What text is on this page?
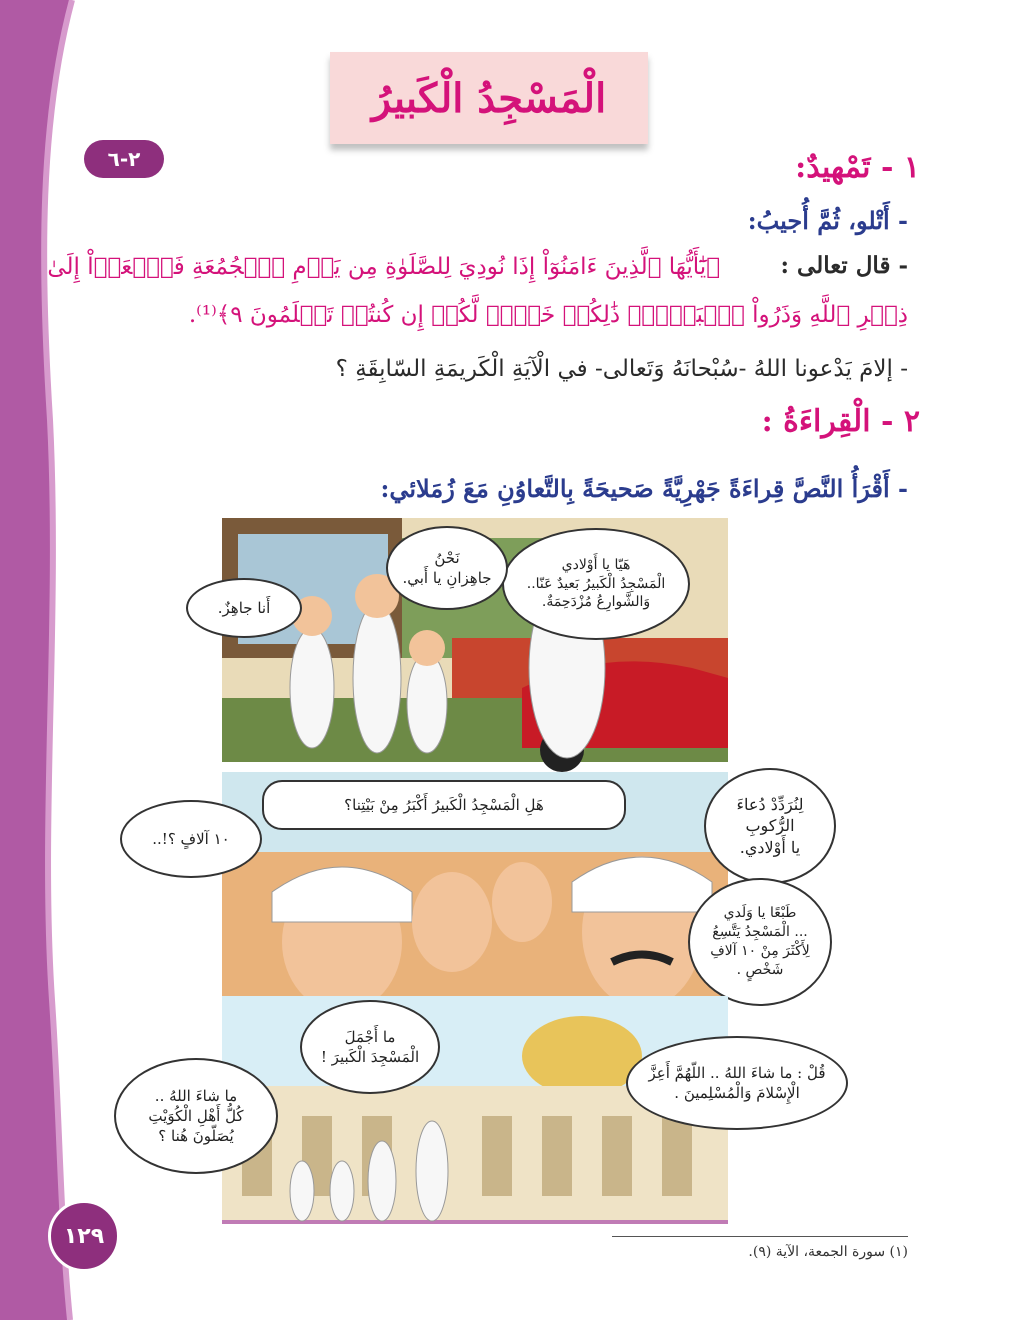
الْمَسْجِدُ الْكَبيرُ
٢-٦	١ - تَمْهيدٌ:
- أَتْلو، ثُمَّ أُجيبُ:
- قال تعالى :
﴿يَٰٓأَيُّهَا ٱلَّذِينَ ءَامَنُوٓاْ إِذَا نُودِيَ لِلصَّلَوٰةِ مِن يَوۡمِ ٱلۡجُمُعَةِ فَٱسۡعَوۡاْ إِلَىٰ
ذِكۡرِ ٱللَّهِ وَذَرُواْ ٱلۡبَيۡعَۚ ذَٰلِكُمۡ خَيۡرٞ لَّكُمۡ إِن كُنتُمۡ تَعۡلَمُونَ ٩﴾⁽¹⁾.
- إلامَ يَدْعونا اللهُ -سُبْحانَهُ وَتَعالى- في الْآيَةِ الْكَريمَةِ السّابِقَةِ ؟
٢ - الْقِراءَةُ :
- أَقْرَأُ النَّصَّ قِراءَةً جَهْرِيَّةً صَحيحَةً بِالتَّعاوُنِ مَعَ زُمَلائي:
هَيّا يا أَوْلادي
الْمَسْجِدُ الْكَبيرُ بَعيدٌ عَنّا..
وَالشَّوارِعُ مُزْدَحِمَةٌ.
نَحْنُ
جاهِزانِ يا أَبي.
أَنا جاهِزٌ.
لِنُرَدِّدْ دُعاءَ
الرُّكوبِ
يا أَوْلادي.
هَلِ الْمَسْجِدُ الْكَبيرُ أَكْبَرُ مِنْ بَيْتِنا؟
١٠ آلافٍ ؟!..
طَبْعًا يا وَلَدي
... الْمَسْجِدُ يَتَّسِعُ
لِأَكْثَرَ مِنْ ١٠ آلافِ
شَخْصٍ .
ما أَجْمَلَ
الْمَسْجِدَ الْكَبيرَ !
قُلْ : ما شاءَ اللهُ .. اللّهُمَّ أَعِزَّ
الْإِسْلامَ وَالْمُسْلِمينَ .
ما شاءَ اللهُ ..
كُلُّ أَهْلِ الْكُوَيْتِ
يُصَلّونَ هُنا ؟
١٢٩
(١) سورة الجمعة، الآية (٩).
